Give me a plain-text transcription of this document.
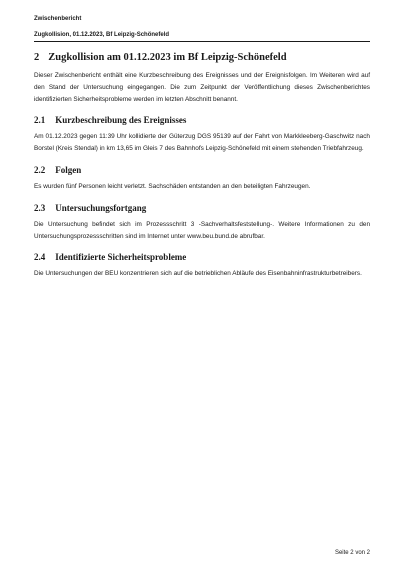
Zwischenbericht
Zugkollision, 01.12.2023, Bf Leipzig-Schönefeld
2 Zugkollision am 01.12.2023 im Bf Leipzig-Schönefeld

Dieser Zwischenbericht enthält eine Kurzbeschreibung des Ereignisses und der Ereignisfolgen. Im Weiteren wird auf den Stand der Untersuchung eingegangen. Die zum Zeitpunkt der Veröffentlichung dieses Zwischenberichtes identifizierten Sicherheitsprobleme werden im letzten Abschnitt benannt.

2.1 Kurzbeschreibung des Ereignisses

Am 01.12.2023 gegen 11:39 Uhr kollidierte der Güterzug DGS 95139 auf der Fahrt von Markkleeberg-Gaschwitz nach Borstel (Kreis Stendal) in km 13,65 im Gleis 7 des Bahnhofs Leipzig-Schönefeld mit einem stehenden Triebfahrzeug.

2.2 Folgen

Es wurden fünf Personen leicht verletzt. Sachschäden entstanden an den beteiligten Fahrzeugen.

2.3 Untersuchungsfortgang

Die Untersuchung befindet sich im Prozessschritt 3 -Sachverhaltsfeststellung-. Weitere Informationen zu den Untersuchungsprozessschritten sind im Internet unter www.beu.bund.de abrufbar.

2.4 Identifizierte Sicherheitsprobleme

Die Untersuchungen der BEU konzentrieren sich auf die betrieblichen Abläufe des Eisenbahninfrastrukturbetreibers.

Seite 2 von 2
